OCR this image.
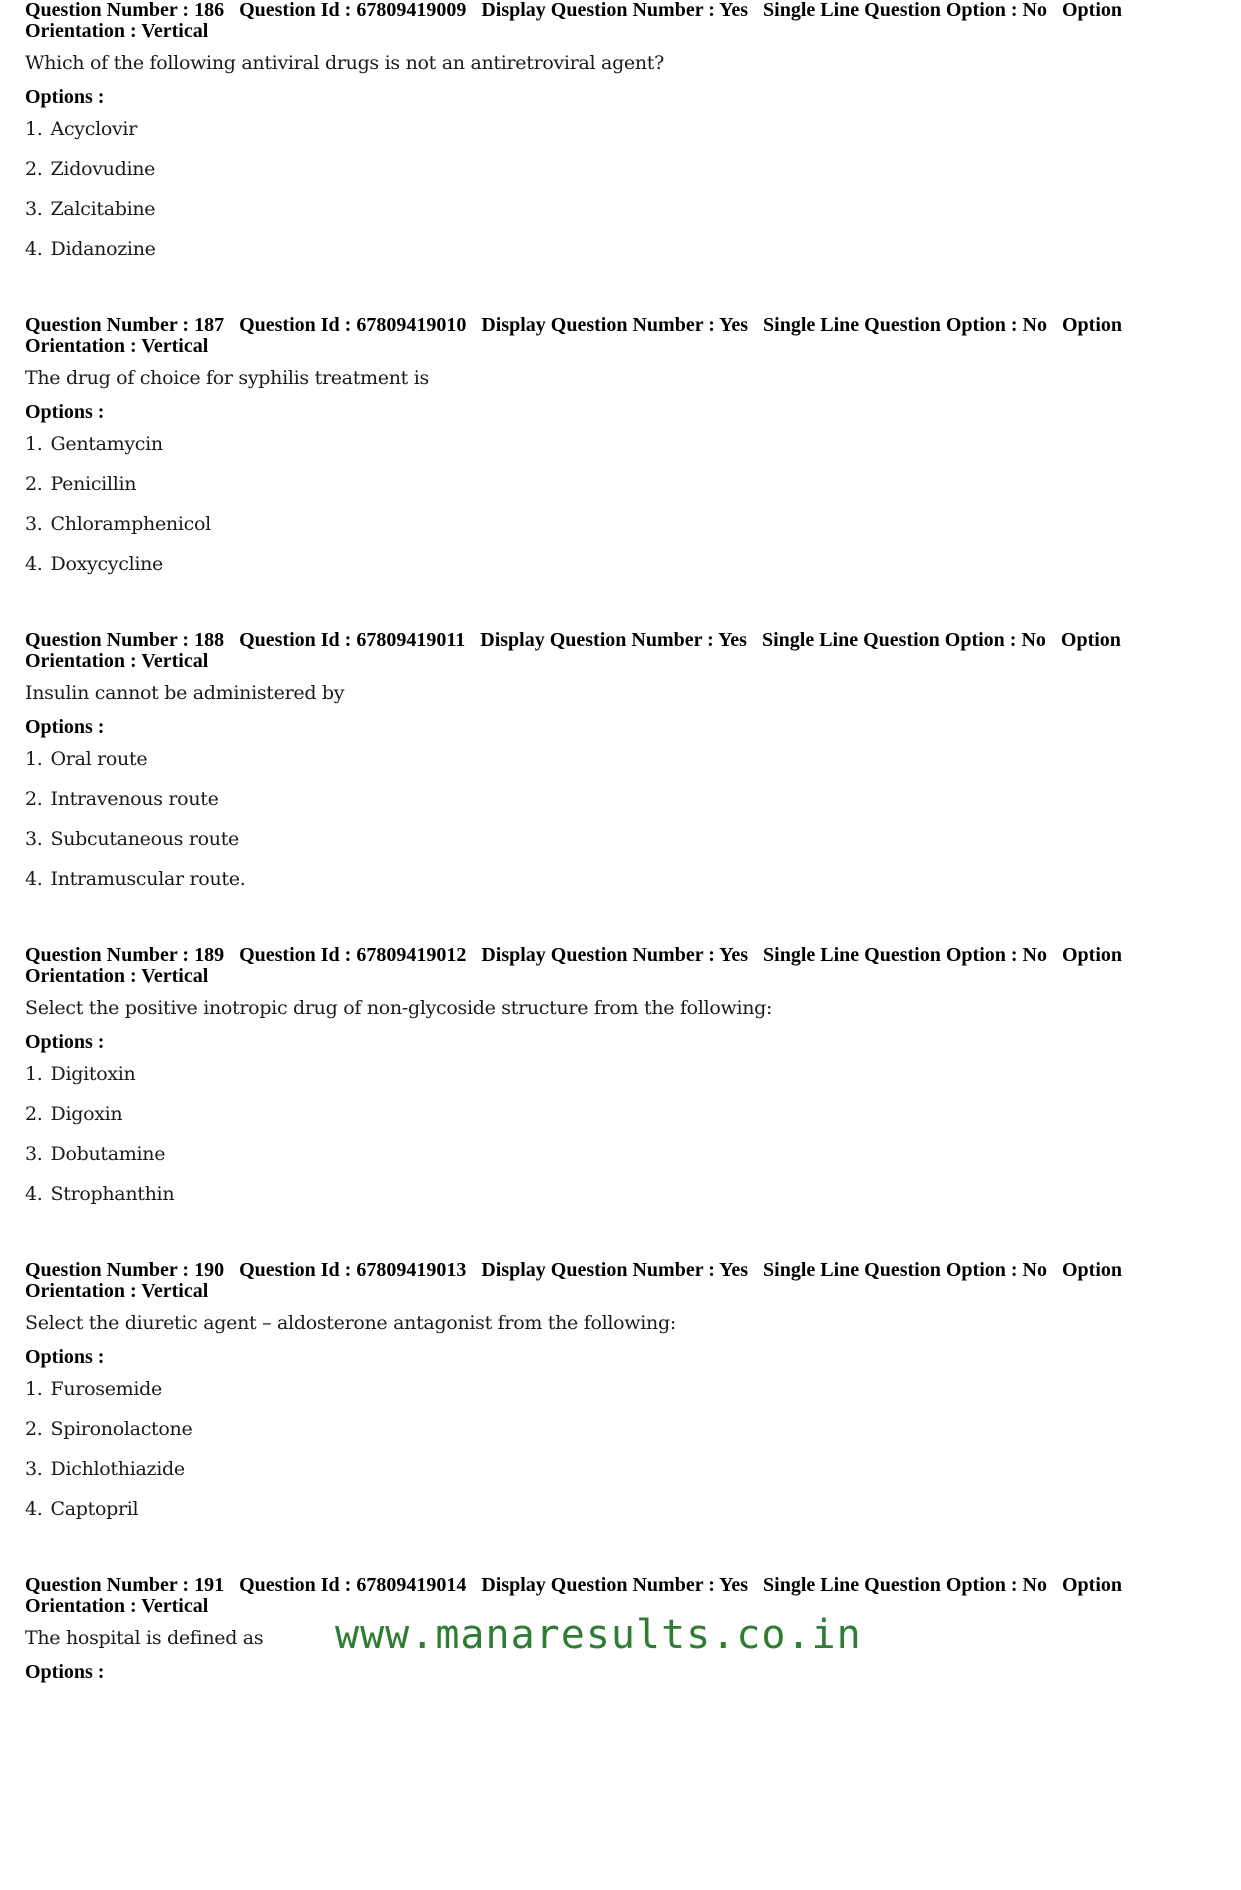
Question Number : 186 Question Id : 67809419009 Display Question Number : Yes Single Line Question Option : No Option Orientation : Vertical

Which of the following antiviral drugs is not an antiretroviral agent?
Options :
1. Acyclovir
2. Zidovudine
3. Zalcitabine
4. Didanozine

Question Number : 187 Question Id : 67809419010 Display Question Number : Yes Single Line Question Option : No Option Orientation : Vertical

The drug of choice for syphilis treatment is
Options :
1. Gentamycin
2. Penicillin
3. Chloramphenicol
4. Doxycycline

Question Number : 188 Question Id : 67809419011 Display Question Number : Yes Single Line Question Option : No Option Orientation : Vertical

Insulin cannot be administered by
Options :
1. Oral route
2. Intravenous route
3. Subcutaneous route
4. Intramuscular route.

Question Number : 189 Question Id : 67809419012 Display Question Number : Yes Single Line Question Option : No Option Orientation : Vertical

Select the positive inotropic drug of non-glycoside structure from the following:
Options :
1. Digitoxin
2. Digoxin
3. Dobutamine
4. Strophanthin

Question Number : 190 Question Id : 67809419013 Display Question Number : Yes Single Line Question Option : No Option Orientation : Vertical

Select the diuretic agent – aldosterone antagonist from the following:
Options :
1. Furosemide
2. Spironolactone
3. Dichlothiazide
4. Captopril

Question Number : 191 Question Id : 67809419014 Display Question Number : Yes Single Line Question Option : No Option Orientation : Vertical

The hospital is defined as
Options :
www.manaresults.co.in
